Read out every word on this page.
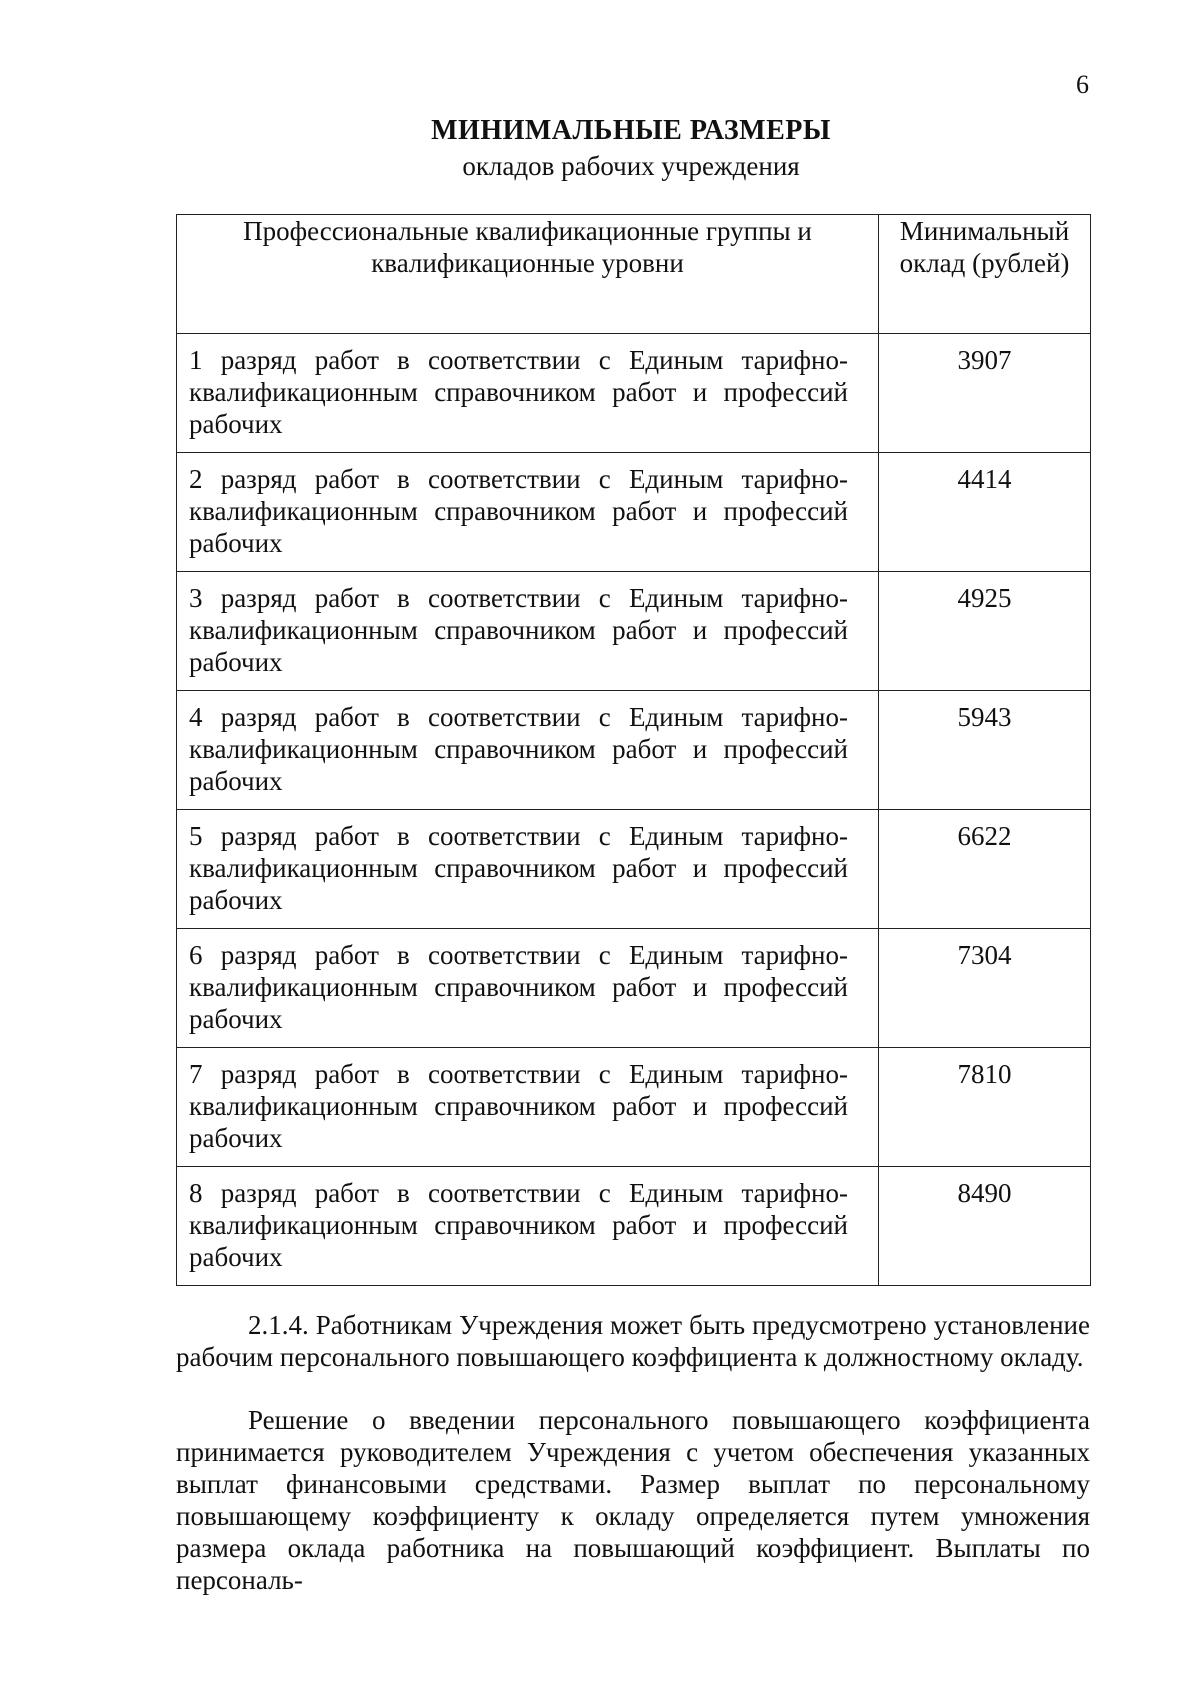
6
МИНИМАЛЬНЫЕ РАЗМЕРЫ
окладов рабочих учреждения
Профессиональные квалификационные группы и квалификационные уровни	Минимальный оклад (рублей)

1 разряд работ в соответствии с Единым тарифно-квалификационным справочником работ и профессий рабочих	3907

2 разряд работ в соответствии с Единым тарифно-квалификационным справочником работ и профессий рабочих	4414

3 разряд работ в соответствии с Единым тарифно-квалификационным справочником работ и профессий рабочих	4925

4 разряд работ в соответствии с Единым тарифно-квалификационным справочником работ и профессий рабочих	5943

5 разряд работ в соответствии с Единым тарифно-квалификационным справочником работ и профессий рабочих	6622

6 разряд работ в соответствии с Единым тарифно-квалификационным справочником работ и профессий рабочих	7304

7 разряд работ в соответствии с Единым тарифно-квалификационным справочником работ и профессий рабочих	7810

8 разряд работ в соответствии с Единым тарифно-квалификационным справочником работ и профессий рабочих	8490
2.1.4. Работникам Учреждения может быть предусмотрено установление рабочим персонального повышающего коэффициента к должностному окладу.
Решение о введении персонального повышающего коэффициента принимается руководителем Учреждения с учетом обеспечения указанных выплат финансовыми средствами. Размер выплат по персональному повышающему коэффициенту к окладу определяется путем умножения размера оклада работника на повышающий коэффициент. Выплаты по персональ-
